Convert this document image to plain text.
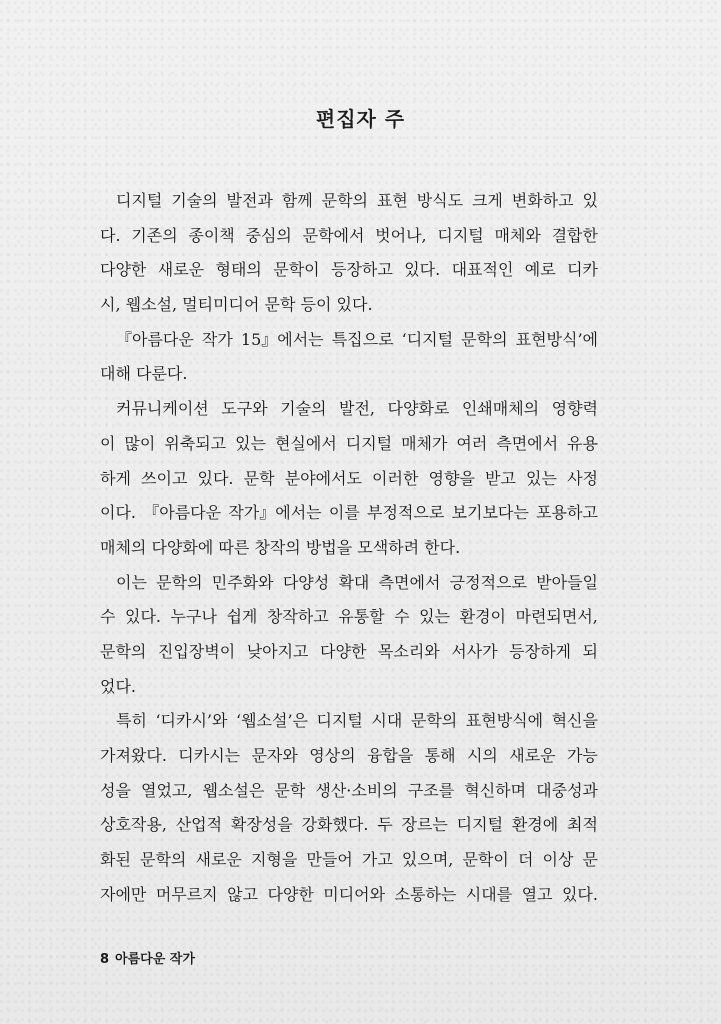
편집자 주
디지털 기술의 발전과 함께 문학의 표현 방식도 크게 변화하고 있
다. 기존의 종이책 중심의 문학에서 벗어나, 디지털 매체와 결합한
다양한 새로운 형태의 문학이 등장하고 있다. 대표적인 예로 디카
시, 웹소설, 멀티미디어 문학 등이 있다.
『아름다운 작가 15』에서는 특집으로 ‘디지털 문학의 표현방식’에
대해 다룬다.
커뮤니케이션 도구와 기술의 발전, 다양화로 인쇄매체의 영향력
이 많이 위축되고 있는 현실에서 디지털 매체가 여러 측면에서 유용
하게 쓰이고 있다. 문학 분야에서도 이러한 영향을 받고 있는 사정
이다. 『아름다운 작가』에서는 이를 부정적으로 보기보다는 포용하고
매체의 다양화에 따른 창작의 방법을 모색하려 한다.
이는 문학의 민주화와 다양성 확대 측면에서 긍정적으로 받아들일
수 있다. 누구나 쉽게 창작하고 유통할 수 있는 환경이 마련되면서,
문학의 진입장벽이 낮아지고 다양한 목소리와 서사가 등장하게 되
었다.
특히 ‘디카시’와 ‘웹소설’은 디지털 시대 문학의 표현방식에 혁신을
가져왔다. 디카시는 문자와 영상의 융합을 통해 시의 새로운 가능
성을 열었고, 웹소설은 문학 생산·소비의 구조를 혁신하며 대중성과
상호작용, 산업적 확장성을 강화했다. 두 장르는 디지털 환경에 최적
화된 문학의 새로운 지형을 만들어 가고 있으며, 문학이 더 이상 문
자에만 머무르지 않고 다양한 미디어와 소통하는 시대를 열고 있다.
8 아름다운 작가
